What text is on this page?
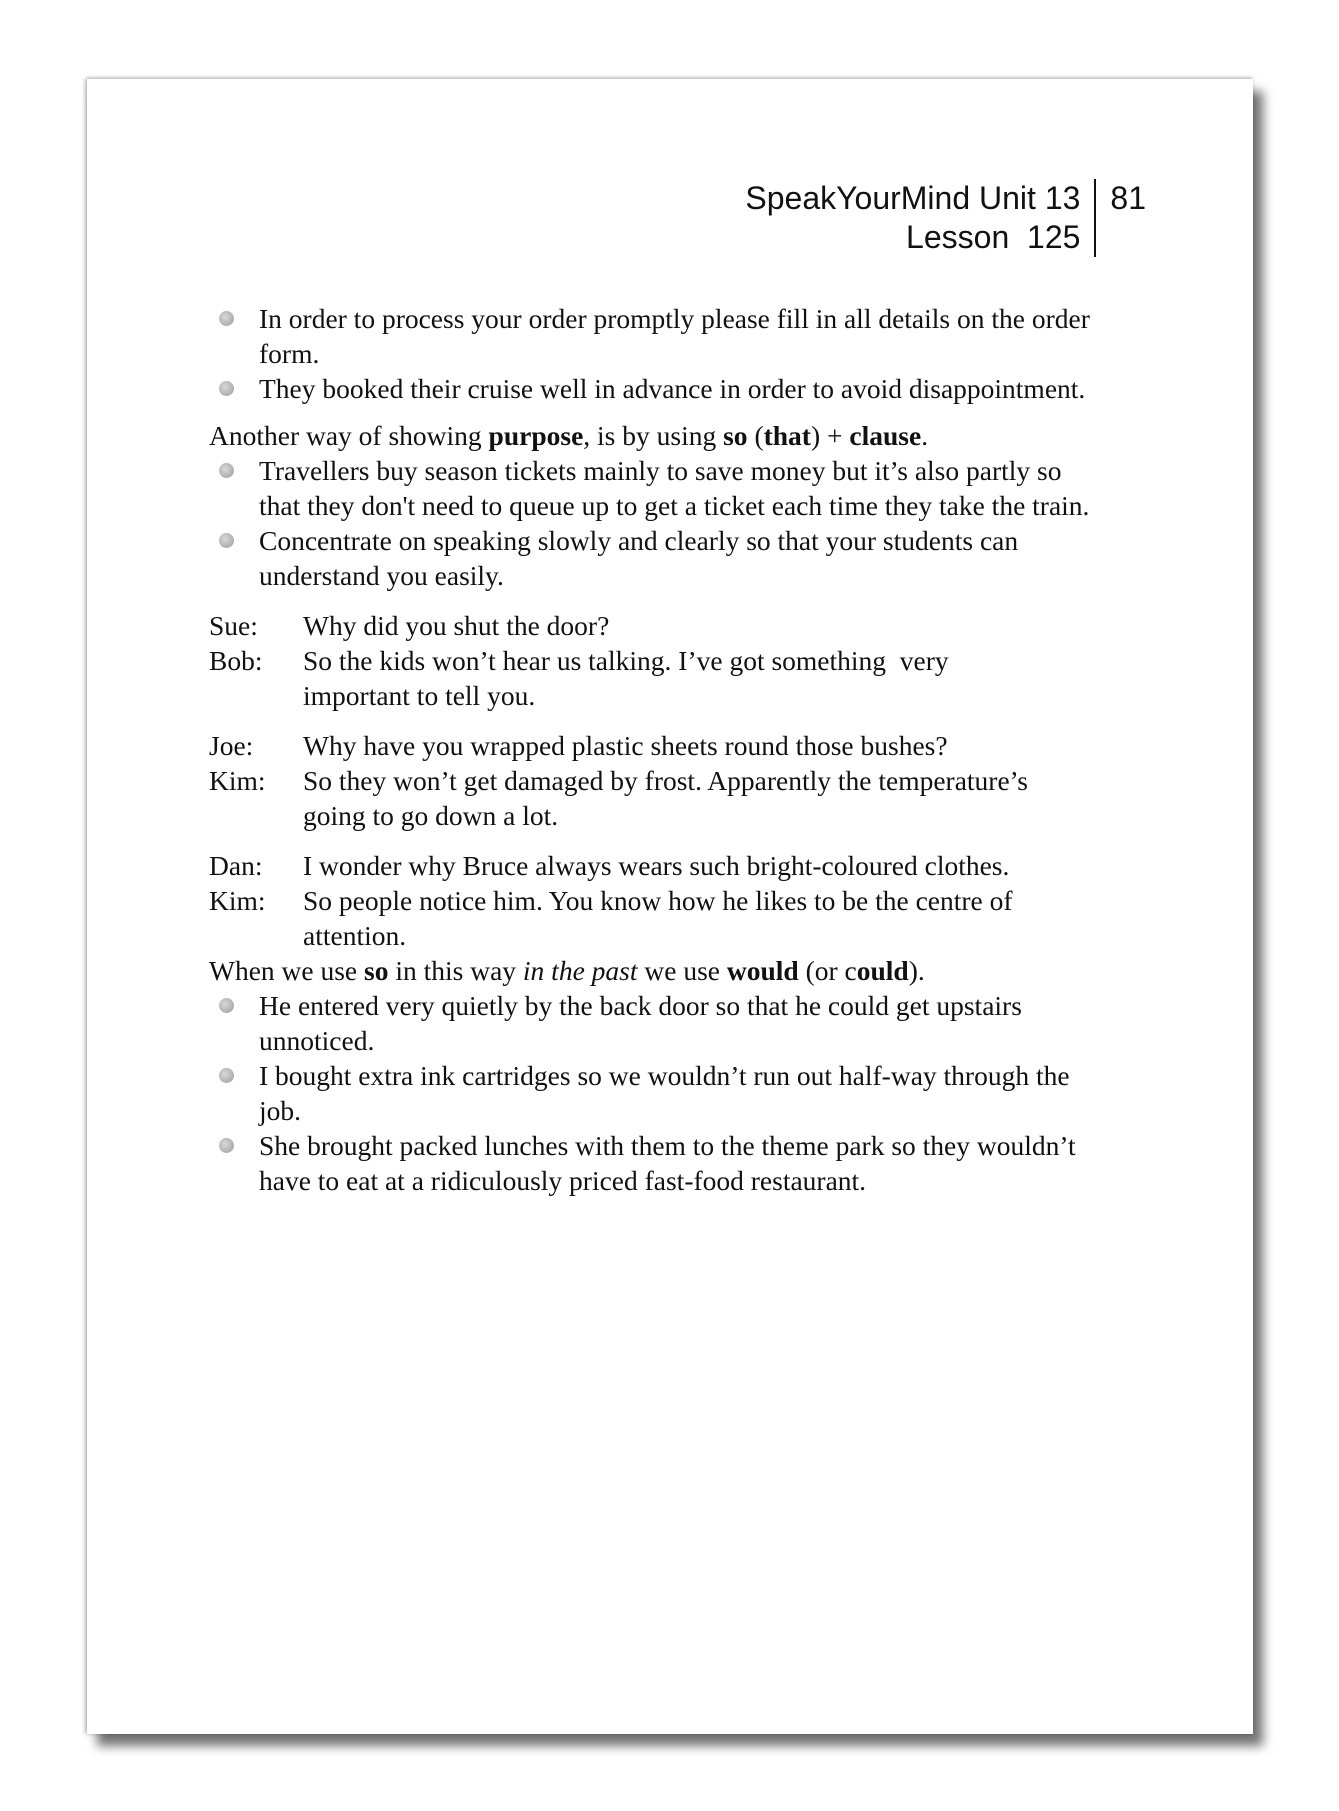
SpeakYourMind Unit 13
Lesson  125
81
In order to process your order promptly please fill in all details on the order form.
They booked their cruise well in advance in order to avoid disappointment.

Another way of showing purpose, is by using so (that) + clause.

Travellers buy season tickets mainly to save money but it’s also partly so that they don't need to queue up to get a ticket each time they take the train.
Concentrate on speaking slowly and clearly so that your students can understand you easily.
Sue:	Why did you shut the door?
Bob:	So the kids won’t hear us talking. I’ve got something  very important to tell you.
Joe:	Why have you wrapped plastic sheets round those bushes?
Kim:	So they won’t get damaged by frost. Apparently the temperature’s going to go down a lot.
Dan:	I wonder why Bruce always wears such bright-coloured clothes.
Kim:	So people notice him. You know how he likes to be the centre of attention.

When we use so in this way in the past we use would (or could).

He entered very quietly by the back door so that he could get upstairs unnoticed.
I bought extra ink cartridges so we wouldn’t run out half-way through the job.
She brought packed lunches with them to the theme park so they wouldn’t have to eat at a ridiculously priced fast-food restaurant.
